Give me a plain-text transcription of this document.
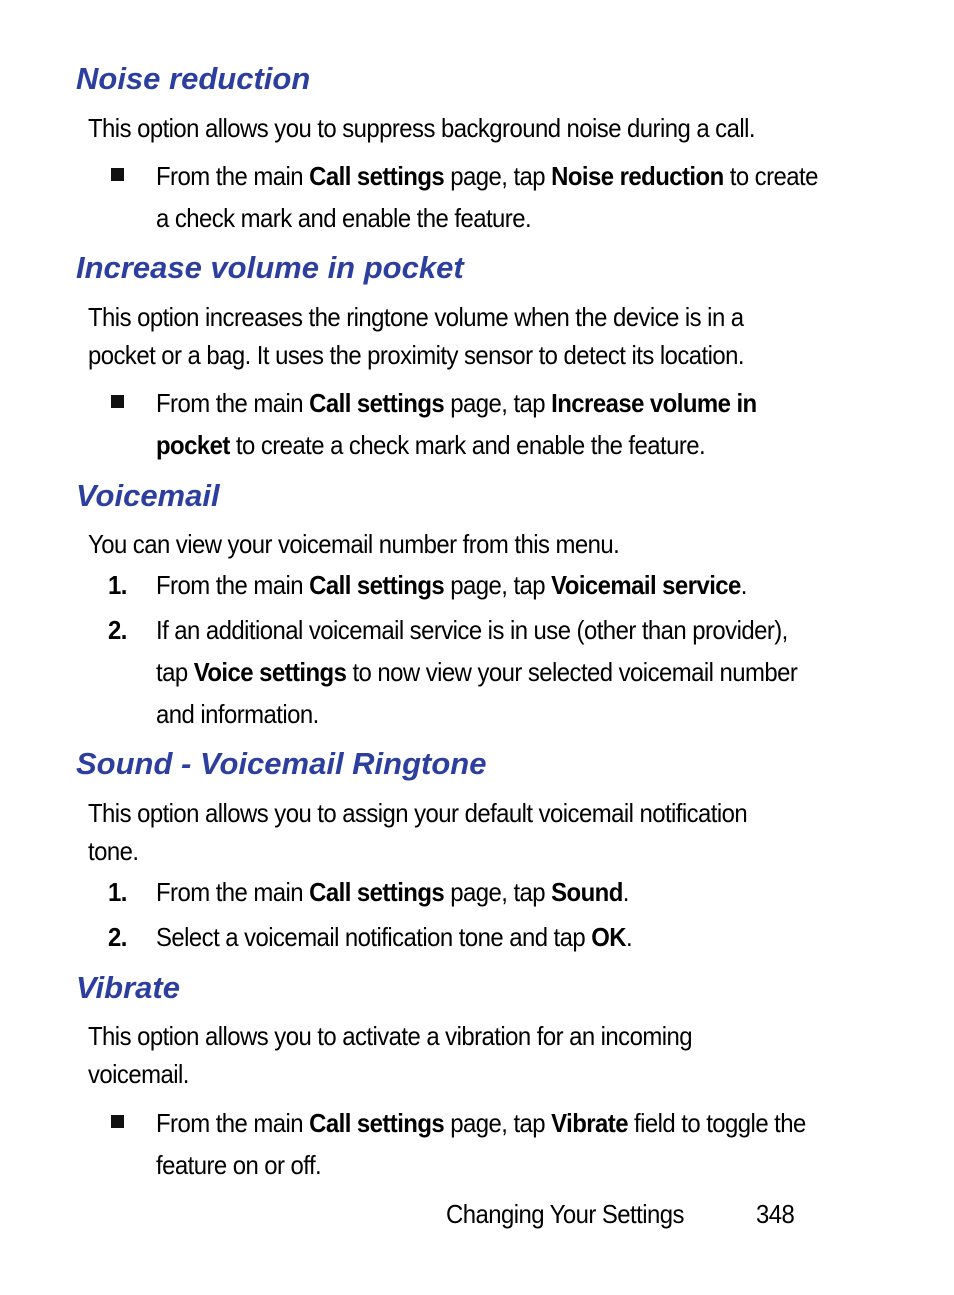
Noise reduction

This option allows you to suppress background noise during a call.

From the main Call settings page, tap Noise reduction to create
a check mark and enable the feature.
Increase volume in pocket

This option increases the ringtone volume when the device is in a
pocket or a bag. It uses the proximity sensor to detect its location.

From the main Call settings page, tap Increase volume in
pocket to create a check mark and enable the feature.
Voicemail

You can view your voicemail number from this menu.

1.	From the main Call settings page, tap Voicemail service.
2.	If an additional voicemail service is in use (other than provider),
tap Voice settings to now view your selected voicemail number
and information.
Sound - Voicemail Ringtone

This option allows you to assign your default voicemail notification
tone.

1.	From the main Call settings page, tap Sound.
2.	Select a voicemail notification tone and tap OK.
Vibrate

This option allows you to activate a vibration for an incoming
voicemail.

From the main Call settings page, tap Vibrate field to toggle the
feature on or off.
Changing Your Settings	348
